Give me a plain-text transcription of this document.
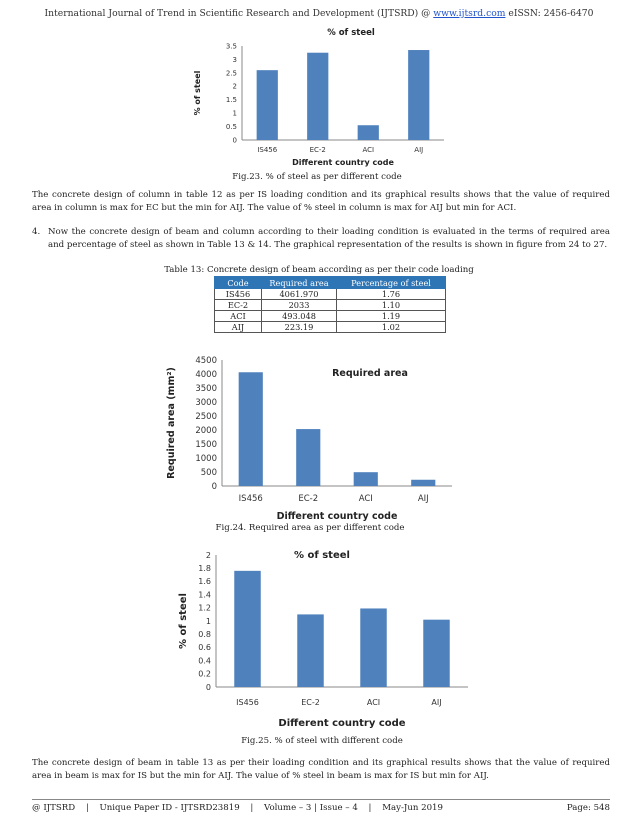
International Journal of Trend in Scientific Research and Development (IJTSRD) @ www.ijtsrd.com eISSN: 2456-6470
% of steel
0
0.5
1
1.5
2
2.5
3
3.5
IS456	EC-2	ACI	AIJ
Different country code
% of steel
Fig.23. % of steel as per different code
The concrete design of column in table 12 as per IS loading condition and its graphical results shows that the value of required area in column is max for EC but the min for AIJ. The value of % steel in column is max for AIJ but min for ACI.
4. Now the concrete design of beam and column according to their loading condition is evaluated in the terms of required area and percentage of steel as shown in Table 13 & 14. The graphical representation of the results is shown in figure from 24 to 27.
Table 13: Concrete design of beam according as per their code loading
Code	Required area	Percentage of steel
IS456	4061.970	1.76
EC-2	2033	1.10
ACI	493.048	1.19
AIJ	223.19	1.02
Required area
0
500
1000
1500
2000
2500
3000
3500
4000
4500
IS456	EC-2	ACI	AIJ
Different country code
Required area (mm²)
Fig.24. Required area as per different code
% of steel
0
0.2
0.4
0.6
0.8
1
1.2
1.4
1.6
1.8
2
IS456	EC-2	ACI	AIJ
Different country code
% of steel
Fig.25. % of steel with different code
The concrete design of beam in table 13 as per their loading condition and its graphical results shows that the value of required area in beam is max for IS but the min for AIJ. The value of % steel in beam is max for IS but min for AIJ.
@ IJTSRD | Unique Paper ID - IJTSRD23819 | Volume – 3 | Issue – 4 | May-Jun 2019	Page: 548
